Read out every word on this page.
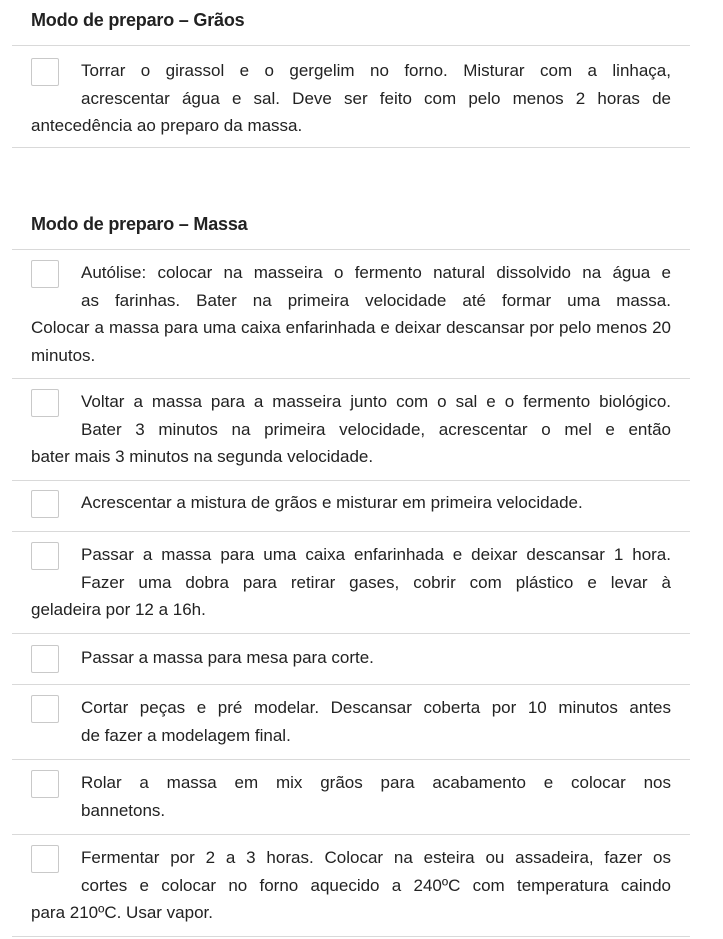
Modo de preparo – Grãos
Torrar o girassol e o gergelim no forno. Misturar com a linhaça,
acrescentar água e sal. Deve ser feito com pelo menos 2 horas de
antecedência ao preparo da massa.
Modo de preparo – Massa
Autólise: colocar na masseira o fermento natural dissolvido na água e
as farinhas. Bater na primeira velocidade até formar uma massa.
Colocar a massa para uma caixa enfarinhada e deixar descansar por pelo menos 20 minutos.
Voltar a massa para a masseira junto com o sal e o fermento biológico.
Bater 3 minutos na primeira velocidade, acrescentar o mel e então
bater mais 3 minutos na segunda velocidade.
Acrescentar a mistura de grãos e misturar em primeira velocidade.
Passar a massa para uma caixa enfarinhada e deixar descansar 1 hora.
Fazer uma dobra para retirar gases, cobrir com plástico e levar à
geladeira por 12 a 16h.
Passar a massa para mesa para corte.
Cortar peças e pré modelar. Descansar coberta por 10 minutos antes
de fazer a modelagem final.
Rolar a massa em mix grãos para acabamento e colocar nos
bannetons.
Fermentar por 2 a 3 horas. Colocar na esteira ou assadeira, fazer os
cortes e colocar no forno aquecido a 240ºC com temperatura caindo
para 210ºC. Usar vapor.
